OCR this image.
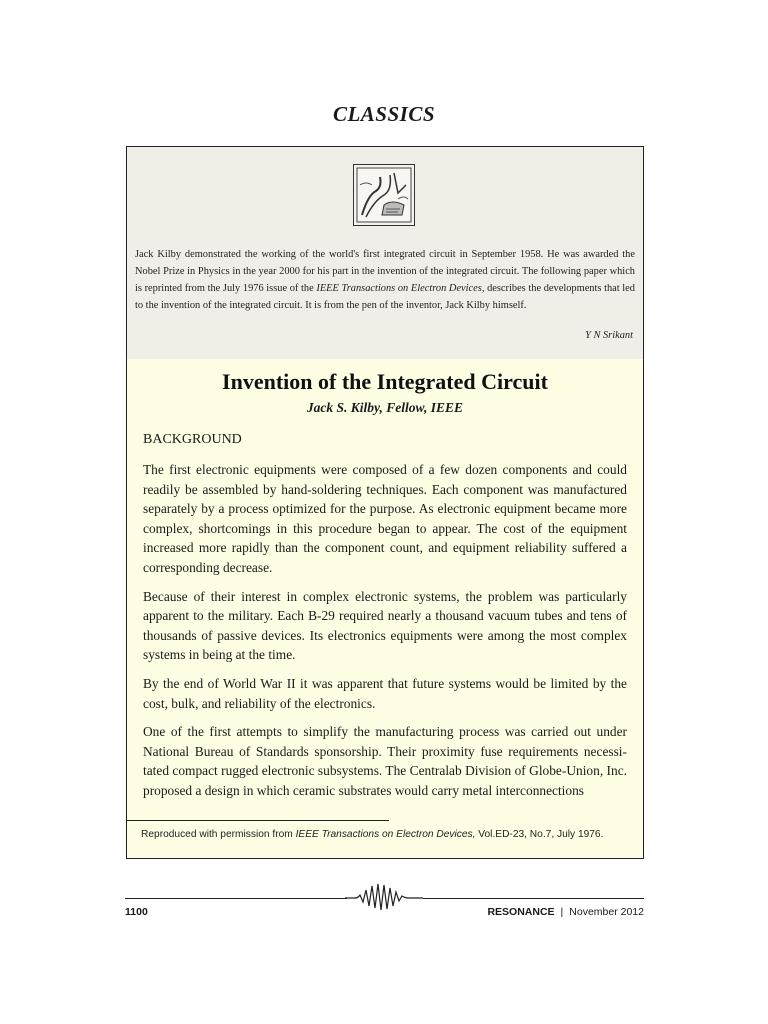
CLASSICS
Jack Kilby demonstrated the working of the world's first integrated circuit in September 1958. He was awarded the Nobel Prize in Physics in the year 2000 for his part in the invention of the integrated circuit. The following paper which is reprinted from the July 1976 issue of the IEEE Transactions on Electron Devices, describes the developments that led to the invention of the integrated circuit. It is from the pen of the inventor, Jack Kilby himself.
Y N Srikant
Invention of the Integrated Circuit
Jack S. Kilby, Fellow, IEEE
BACKGROUND

The first electronic equipments were composed of a few dozen components and could readily be assembled by hand-soldering techniques. Each component was manufactured separately by a process optimized for the purpose. As electronic equipment became more complex, shortcomings in this procedure began to appear. The cost of the equipment increased more rapidly than the component count, and equipment reliability suffered a corresponding decrease.

Because of their interest in complex electronic systems, the problem was particularly apparent to the military. Each B-29 required nearly a thousand vacuum tubes and tens of thousands of passive devices. Its electronics equipments were among the most complex systems in being at the time.

By the end of World War II it was apparent that future systems would be limited by the cost, bulk, and reliability of the electronics.

One of the first attempts to simplify the manufacturing process was carried out under National Bureau of Standards sponsorship. Their proximity fuse requirements necessi-tated compact rugged electronic subsystems. The Centralab Division of Globe-Union, Inc. proposed a design in which ceramic substrates would carry metal interconnections

Reproduced with permission from IEEE Transactions on Electron Devices, Vol.ED-23, No.7, July 1976.
1100	RESONANCE | November 2012
